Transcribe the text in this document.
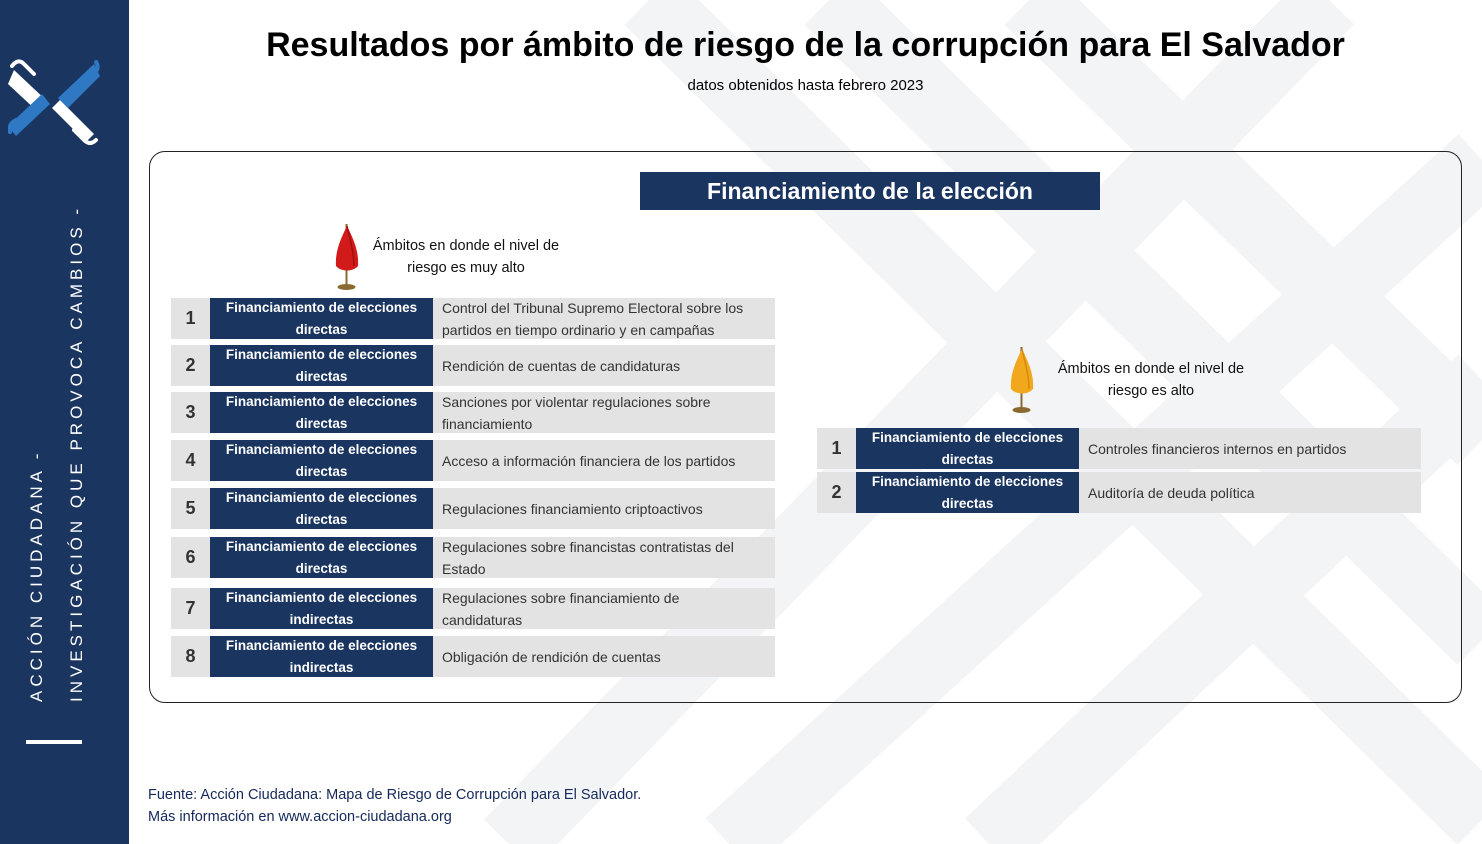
ACCIÓN CIUDADANA - INVESTIGACIÓN QUE PROVOCA CAMBIOS -
Resultados por ámbito de riesgo de la corrupción para El Salvador
datos obtenidos hasta febrero 2023
Financiamiento de la elección
Ámbitos en donde el nivel de riesgo es muy alto
1
Financiamiento de elecciones directas
Control del Tribunal Supremo Electoral sobre los partidos en tiempo ordinario y en campañas
2
Financiamiento de elecciones directas
Rendición de cuentas de candidaturas
3
Financiamiento de elecciones directas
Sanciones por violentar regulaciones sobre financiamiento
4
Financiamiento de elecciones directas
Acceso a información financiera de los partidos
5
Financiamiento de elecciones directas
Regulaciones financiamiento criptoactivos
6
Financiamiento de elecciones directas
Regulaciones sobre financistas contratistas del Estado
7
Financiamiento de elecciones indirectas
Regulaciones sobre financiamiento de candidaturas
8
Financiamiento de elecciones indirectas
Obligación de rendición de cuentas
Ámbitos en donde el nivel de riesgo es alto
1
Financiamiento de elecciones directas
Controles financieros internos en partidos
2
Financiamiento de elecciones directas
Auditoría de deuda política
Fuente: Acción Ciudadana: Mapa de Riesgo de Corrupción para El Salvador.
Más información en www.accion-ciudadana.org
